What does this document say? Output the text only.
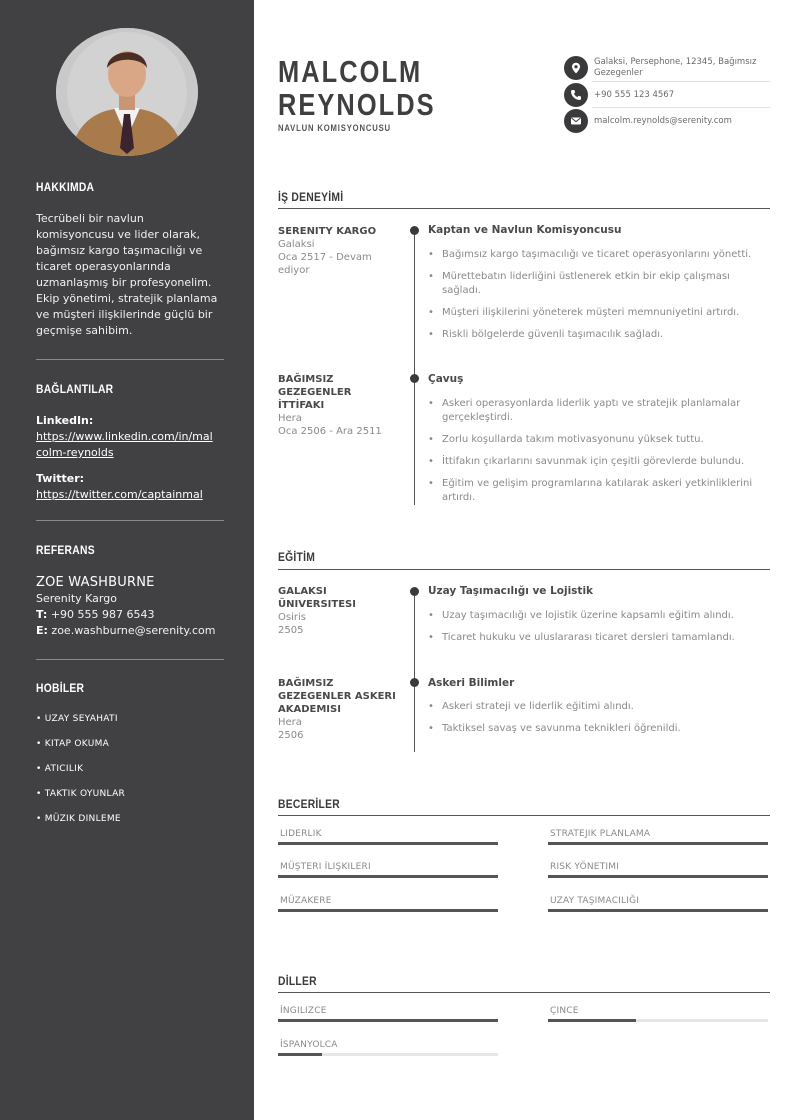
HAKKIMDA
Tecrübeli bir navlun komisyoncusu ve lider olarak, bağımsız kargo taşımacılığı ve ticaret operasyonlarında uzmanlaşmış bir profesyonelim. Ekip yönetimi, stratejik planlama ve müşteri ilişkilerinde güçlü bir geçmişe sahibim.
BAĞLANTILAR
LinkedIn:
https://www.linkedin.com/in/malcolm-reynolds
Twitter:
https://twitter.com/captainmal
REFERANS
ZOE WASHBURNE
Serenity Kargo
T: +90 555 987 6543
E: zoe.washburne@serenity.com
HOBİLER
• UZAY SEYAHATI
• KITAP OKUMA
• ATICILIK
• TAKTIK OYUNLAR
• MÜZIK DINLEME
MALCOLM
REYNOLDS
NAVLUN KOMISYONCUSU
Galaksi, Persephone, 12345, Bağımsız Gezegenler
+90 555 123 4567
malcolm.reynolds@serenity.com
İŞ DENEYİMİ
SERENITY KARGO
Galaksi
Oca 2517 - Devam ediyor
Kaptan ve Navlun Komisyoncusu
• Bağımsız kargo taşımacılığı ve ticaret operasyonlarını yönetti.
• Mürettebatın liderliğini üstlenerek etkin bir ekip çalışması sağladı.
• Müşteri ilişkilerini yöneterek müşteri memnuniyetini artırdı.
• Riskli bölgelerde güvenli taşımacılık sağladı.
BAĞIMSIZ GEZEGENLER İTTİFAKI
Hera
Oca 2506 - Ara 2511
Çavuş
• Askeri operasyonlarda liderlik yaptı ve stratejik planlamalar gerçekleştirdi.
• Zorlu koşullarda takım motivasyonunu yüksek tuttu.
• İttifakın çıkarlarını savunmak için çeşitli görevlerde bulundu.
• Eğitim ve gelişim programlarına katılarak askeri yetkinliklerini artırdı.
EĞİTİM
GALAKSI ÜNIVERSITESI
Osiris
2505
Uzay Taşımacılığı ve Lojistik
• Uzay taşımacılığı ve lojistik üzerine kapsamlı eğitim alındı.
• Ticaret hukuku ve uluslararası ticaret dersleri tamamlandı.
BAĞIMSIZ GEZEGENLER ASKERI AKADEMISI
Hera
2506
Askeri Bilimler
• Askeri strateji ve liderlik eğitimi alındı.
• Taktiksel savaş ve savunma teknikleri öğrenildi.
BECERİLER
LIDERLIK	STRATEJIK PLANLAMA
MÜŞTERI İLIŞKILERI	RISK YÖNETIMI
MÜZAKERE	UZAY TAŞIMACILIĞI
DİLLER
İNGILIZCE	ÇINCE
İSPANYOLCA
